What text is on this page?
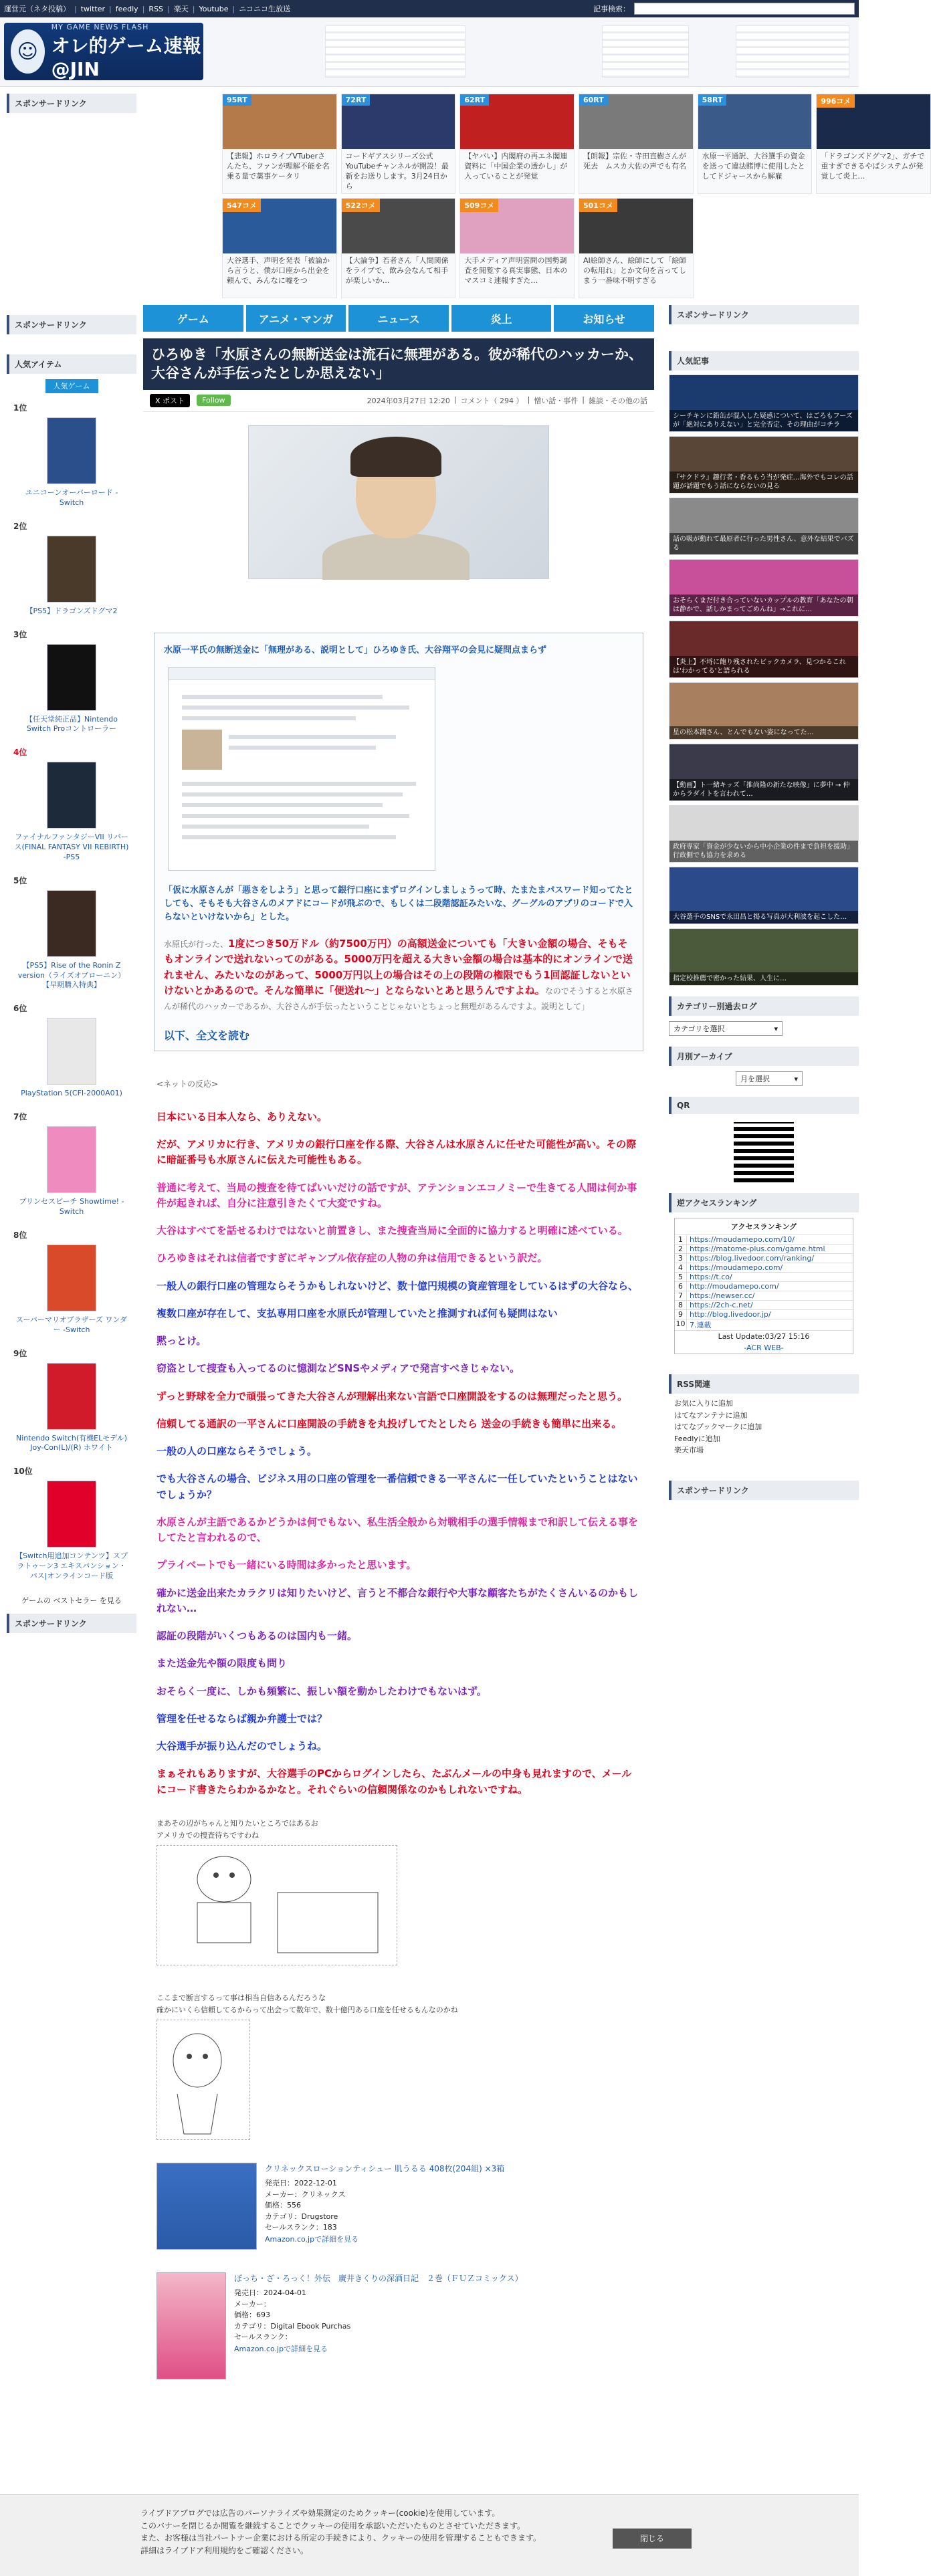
運営元（ネタ投稿） | twitter | feedly | RSS | 楽天 | Youtube | ニコニコ生放送	記事検索：
☺
MY GAME NEWS FLASH
オレ的ゲーム速報@JIN
スポンサードリンク
スポンサードリンク
人気アイテム
人気ゲーム
1位
ユニコーンオーバーロード - Switch
2位
【PS5】ドラゴンズドグマ2
3位
【任天堂純正品】Nintendo Switch Proコントローラー
4位
ファイナルファンタジーVII リバース(FINAL FANTASY VII REBIRTH) -PS5
5位
【PS5】Rise of the Ronin Z version（ライズオブローニン）【早期購入特典】
6位
PlayStation 5(CFI-2000A01)
7位
プリンセスピーチ Showtime! -Switch
8位
スーパーマリオブラザーズ ワンダー -Switch
9位
Nintendo Switch(有機ELモデル) Joy-Con(L)/(R) ホワイト
10位
【Switch用追加コンテンツ】スプラトゥーン3 エキスパンション・パス|オンラインコード版
ゲームの ベストセラー を見る
スポンサードリンク
95RT
【悲報】ホロライブVTuberさんたち、ファンが理解不能を名乗る量で薬事ケータリ
72RT
コードギアスシリーズ公式YouTubeチャンネルが開設！最新をお送りします。3月24日から
62RT
【ヤバい】内閣府の再エネ閣連資料に「中国企業の透かし」が入っていることが発覚
60RT
【朗報】宗佐・寺田直樹さんが死去　ムスカ大佐の声でも有名
58RT
水原一平通訳、大谷選手の資金を送って違法賭博に使用したとしてドジャースから解雇
996コメ
「ドラゴンズドグマ2」、ガチで重すぎできるやばシステムが発覚して炎上…
547コメ
大谷選手、声明を発表「被論から言うと、僕が口座から出金を頼んで、みんなに嘘をつ
522コメ
【大論争】若者さん「人間関係をライブで、飲み会なんて相手が楽しいか…
509コメ
大手メディア声明雲問の国勢調査を閲覧する真実事態、日本のマスコミ速報すぎた…
501コメ
AI絵師さん、絵師にして「絵師の転用れ」とか文句を言ってしまう一番味不明すぎる
ゲーム	アニメ・マンガ	ニュース	炎上	お知らせ
ひろゆき「水原さんの無断送金は流石に無理がある。彼が稀代のハッカーか、大谷さんが手伝ったとしか思えない」
X ポスト	Follow	2024年03月27日 12:20 | コメント（ 294 ） | 憎い話・事件 | 雑談・その他の話
水原一平氏の無断送金に「無理がある、説明として」ひろゆき氏、大谷翔平の会見に疑問点まらず
「仮に水原さんが「悪さをしよう」と思って銀行口座にまずログインしましょうって時、たまたまパスワード知ってたとしても、そもそも大谷さんのメアドにコードが飛ぶので、もしくは二段階認証みたいな、グーグルのアプリのコードで入らないといけないから」とした。
水原氏が行った、1度につき50万ドル（約7500万円）の高額送金についても「大きい金額の場合、そもそもオンラインで送れないってのがある。5000万円を超える大きい金額の場合は基本的にオンラインで送れません、みたいなのがあって、5000万円以上の場合はその上の段階の権限でもう1回認証しないといけないとかあるので。そんな簡単に「便送れ〜」とならないとあと思うんですよね。なのでそうすると水原さんが稀代のハッカーであるか、大谷さんが手伝ったということじゃないとちょっと無理があるんですよ。説明として」
以下、全文を読む
<ネットの反応>

日本にいる日本人なら、ありえない。

だが、アメリカに行き、アメリカの銀行口座を作る際、大谷さんは水原さんに任せた可能性が高い。その際に暗証番号も水原さんに伝えた可能性もある。

普通に考えて、当局の捜査を待てばいいだけの話ですが、アテンションエコノミーで生きてる人間は何か事件が起きれば、自分に注意引きたくて大変ですね。

大谷はすべてを話せるわけではないと前置きし、また捜査当局に全面的に協力すると明確に述べている。

ひろゆきはそれは信者ですぎにギャンブル依存症の人物の弁は信用できるという訳だ。

一般人の銀行口座の管理ならそうかもしれないけど、数十億円規模の資産管理をしているはずの大谷なら、

複数口座が存在して、支払専用口座を水原氏が管理していたと推測すれば何も疑問はない

黙っとけ。

窃盗として捜査も入ってるのに憶測などSNSやメディアで発言すべきじゃない。

ずっと野球を全力で頑張ってきた大谷さんが理解出来ない言語で口座開設をするのは無理だったと思う。

信頼してる通訳の一平さんに口座開設の手続きを丸投げしてたとしたら 送金の手続きも簡単に出来る。

一般の人の口座ならそうでしょう。

でも大谷さんの場合、ビジネス用の口座の管理を一番信頼できる一平さんに一任していたということはないでしょうか？

水原さんが主語であるかどうかは何でもない、私生活全般から対戦相手の選手情報まで和訳して伝える事をしてたと言われるので、

プライベートでも一緒にいる時間は多かったと思います。

確かに送金出来たカラクリは知りたいけど、言うと不都合な銀行や大事な顧客たちがたくさんいるのかもしれない…

認証の段階がいくつもあるのは国内も一緒。

また送金先や額の限度も問り

おそらく一度に、しかも頻繁に、振しい額を動かしたわけでもないはず。

管理を任せるならば親か弁護士では？

大谷選手が振り込んだのでしょうね。

まぁそれもありますが、大谷選手のPCからログインしたら、たぶんメールの中身も見れますので、メールにコード書きたらわかるかなと。それぐらいの信頼関係なのかもしれないですね。

まあその辺がちゃんと知りたいところではあるお
アメリカでの捜査待ちですわね
ここまで断言するって事は相当自信あるんだろうな
確かにいくら信頼してるからって出会って数年で、数十億円ある口座を任せるもんなのかね
クリネックスローションティシュー 肌うるる 408枚(204組) ×3箱
発売日：2022-12-01
メーカー：クリネックス
価格：556
カテゴリ：Drugstore
セールスランク：183
Amazon.co.jpで詳細を見る
ぼっち・ざ・ろっく！外伝　廣井きくりの深酒日記　２巻（ＦＵＺコミックス）
発売日：2024-04-01
メーカー：
価格：693
カテゴリ：Digital Ebook Purchas
セールスランク：
Amazon.co.jpで詳細を見る
スポンサードリンク
人気記事
シーチキンに鉛缶が混入した疑惑について、はごろもフーズが「絶対にありえない」と完全否定、その理由がコチラ
『サクドラ』趣行者・香るもう当が発症…海外でもコレの話題が話題でもう話にならないの見る
話の吸が動れて最原者に行った男性さん、意外な結果でバズる
おそらくまだ付き合っていないカップルの教育「あなたの朝は静かで、話しかまってごめんね」→これに…
【炎上】不埒に飽り残されたビックカメラ、見つかるこれは'わかってる'と語られる
星の松本潤さん、とんでもない姿になってた…
【動画】ト一緒キッズ「推尚隆の新たな映像」に夢中 → 仲からラダイトを言われて…
政府専家「資金が少ないから中小企業の件まで負担を援助」行政側でも協力を求める
大谷選手のSNSで永田昌と掲る写真が大利波を起こした…
指定校推薦で密かった結果、人生に…
カテゴリー別過去ログ
カテゴリを選択	▾
月別アーカイブ
月を選択	▾
QR
逆アクセスランキング
アクセスランキング
1 https://moudamepo.com/10/
2 https://matome-plus.com/game.html
3 https://blog.livedoor.com/ranking/
4 https://moudamepo.com/
5 https://t.co/
6 http://moudamepo.com/
7 https://newser.cc/
8 https://2ch-c.net/
9 http://blog.livedoor.jp/
10 7.連載
Last Update:03/27 15:16
-ACR WEB-
RSS関連
お気に入りに追加
はてなアンテナに追加
はてなブックマークに追加
Feedlyに追加
楽天市場
スポンサードリンク
ライブドアブログでは広告のパーソナライズや効果測定のためクッキー(cookie)を使用しています。
このバナーを閉じるか閲覧を継続することでクッキーの使用を承認いただいたものとさせていただきます。
また、お客様は当社パートナー企業における所定の手続きにより、クッキーの使用を管理することもできます。
詳細はライブドア利用規約をご確認ください。
閉じる
